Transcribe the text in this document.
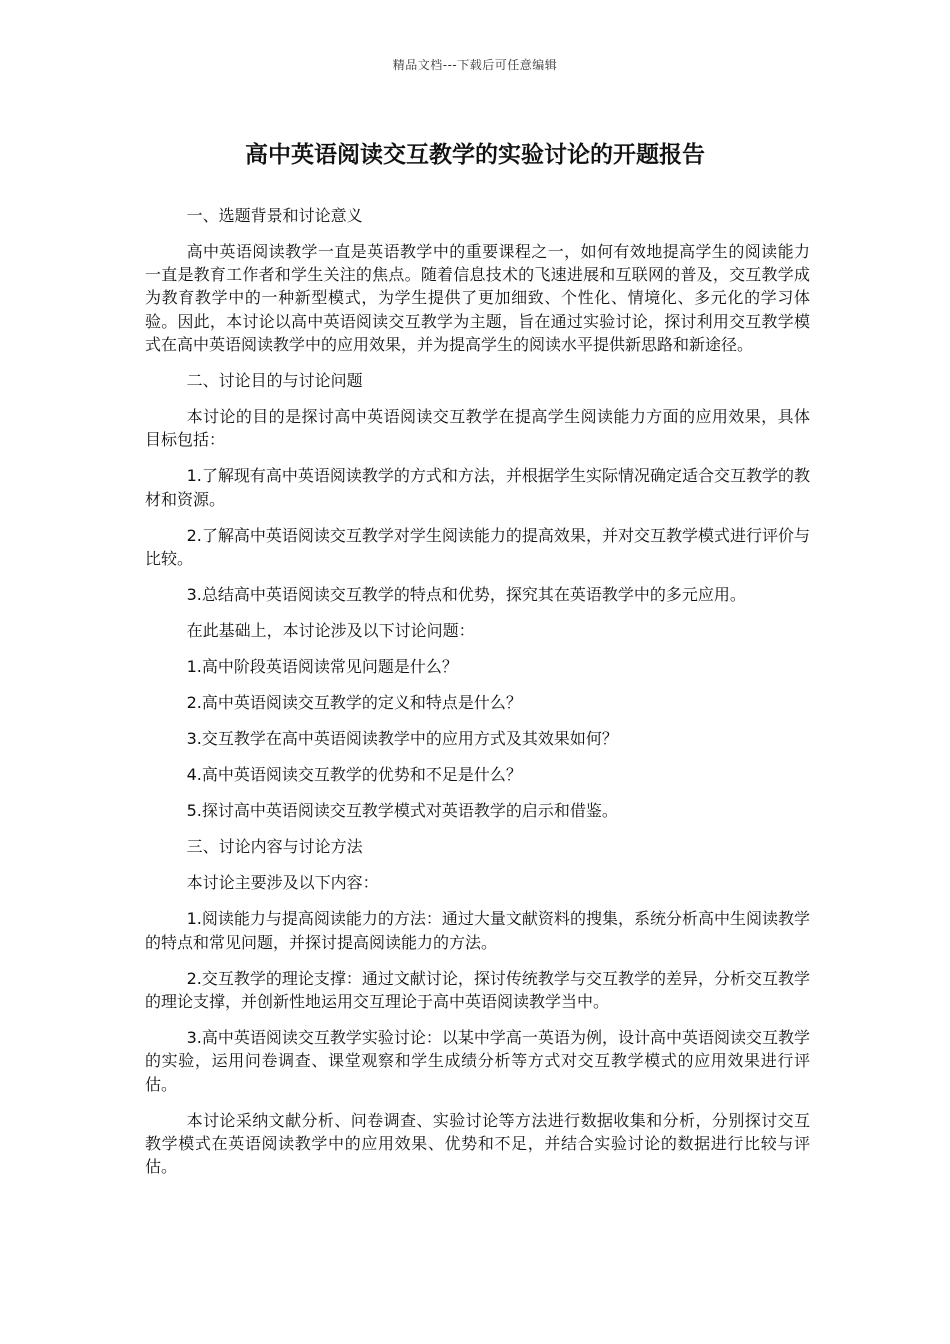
精品文档---下载后可任意编辑
高中英语阅读交互教学的实验讨论的开题报告
一、选题背景和讨论意义
高中英语阅读教学一直是英语教学中的重要课程之一，如何有效地提高学生的阅读能力一直是教育工作者和学生关注的焦点。随着信息技术的飞速进展和互联网的普及，交互教学成为教育教学中的一种新型模式，为学生提供了更加细致、个性化、情境化、多元化的学习体验。因此，本讨论以高中英语阅读交互教学为主题，旨在通过实验讨论，探讨利用交互教学模式在高中英语阅读教学中的应用效果，并为提高学生的阅读水平提供新思路和新途径。
二、讨论目的与讨论问题
本讨论的目的是探讨高中英语阅读交互教学在提高学生阅读能力方面的应用效果，具体目标包括：
1.了解现有高中英语阅读教学的方式和方法，并根据学生实际情况确定适合交互教学的教材和资源。
2.了解高中英语阅读交互教学对学生阅读能力的提高效果，并对交互教学模式进行评价与比较。
3.总结高中英语阅读交互教学的特点和优势，探究其在英语教学中的多元应用。
在此基础上，本讨论涉及以下讨论问题：
1.高中阶段英语阅读常见问题是什么？
2.高中英语阅读交互教学的定义和特点是什么？
3.交互教学在高中英语阅读教学中的应用方式及其效果如何？
4.高中英语阅读交互教学的优势和不足是什么？
5.探讨高中英语阅读交互教学模式对英语教学的启示和借鉴。
三、讨论内容与讨论方法
本讨论主要涉及以下内容：
1.阅读能力与提高阅读能力的方法：通过大量文献资料的搜集，系统分析高中生阅读教学的特点和常见问题，并探讨提高阅读能力的方法。
2.交互教学的理论支撑：通过文献讨论，探讨传统教学与交互教学的差异，分析交互教学的理论支撑，并创新性地运用交互理论于高中英语阅读教学当中。
3.高中英语阅读交互教学实验讨论：以某中学高一英语为例，设计高中英语阅读交互教学的实验，运用问卷调查、课堂观察和学生成绩分析等方式对交互教学模式的应用效果进行评估。
本讨论采纳文献分析、问卷调查、实验讨论等方法进行数据收集和分析，分别探讨交互教学模式在英语阅读教学中的应用效果、优势和不足，并结合实验讨论的数据进行比较与评估。
